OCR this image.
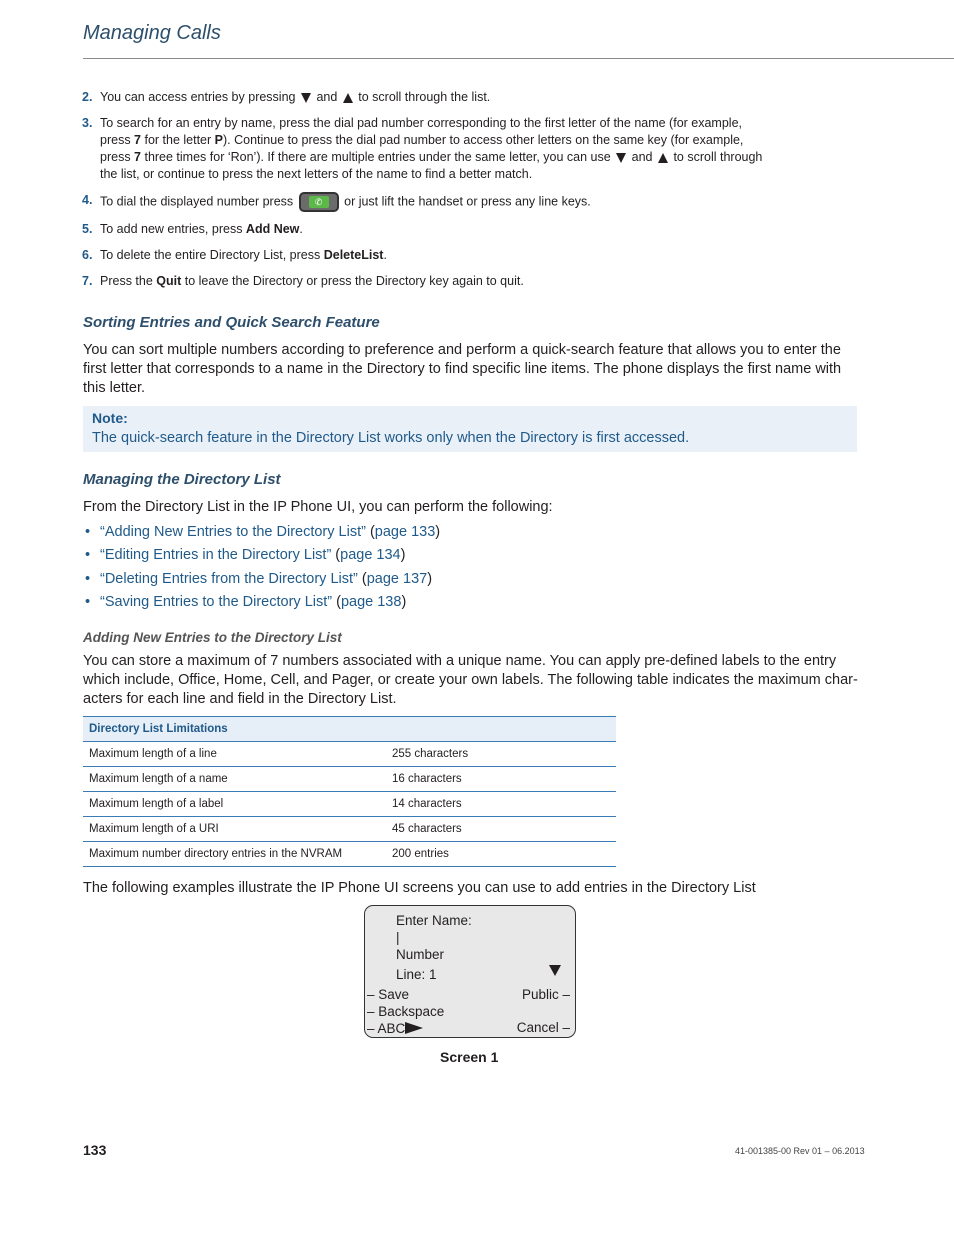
Managing Calls
2. You can access entries by pressing  and  to scroll through the list.
3. To search for an entry by name, press the dial pad number corresponding to the first letter of the name (for example,
press 7 for the letter P). Continue to press the dial pad number to access other letters on the same key (for example,
press 7 three times for ‘Ron’). If there are multiple entries under the same letter, you can use  and  to scroll through
the list, or continue to press the next letters of the name to find a better match.
4. To dial the displayed number press	✆	or just lift the handset or press any line keys.
5. To add new entries, press Add New.
6. To delete the entire Directory List, press DeleteList.
7. Press the Quit to leave the Directory or press the Directory key again to quit.
Sorting Entries and Quick Search Feature
You can sort multiple numbers according to preference and perform a quick-search feature that allows you to enter the first letter that corresponds to a name in the Directory to find specific line items. The phone displays the first name with this letter.
Note:
The quick-search feature in the Directory List works only when the Directory is first accessed.
Managing the Directory List
From the Directory List in the IP Phone UI, you can perform the following:
• “Adding New Entries to the Directory List” (page 133)
• “Editing Entries in the Directory List” (page 134)
• “Deleting Entries from the Directory List” (page 137)
• “Saving Entries to the Directory List” (page 138)
Adding New Entries to the Directory List
You can store a maximum of 7 numbers associated with a unique name. You can apply pre-defined labels to the entry which include, Office, Home, Cell, and Pager, or create your own labels. The following table indicates the maximum char-acters for each line and field in the Directory List.
Directory List Limitations	
Maximum length of a line	255 characters
Maximum length of a name	16 characters
Maximum length of a label	14 characters
Maximum length of a URI	45 characters
Maximum number directory entries in the NVRAM	200 entries
The following examples illustrate the IP Phone UI screens you can use to add entries in the Directory List
Enter Name:
|
Number
Line: 1
– Save	Public –
– Backspace
– ABC	Cancel –
Screen 1
133	41-001385-00 Rev 01 – 06.2013
